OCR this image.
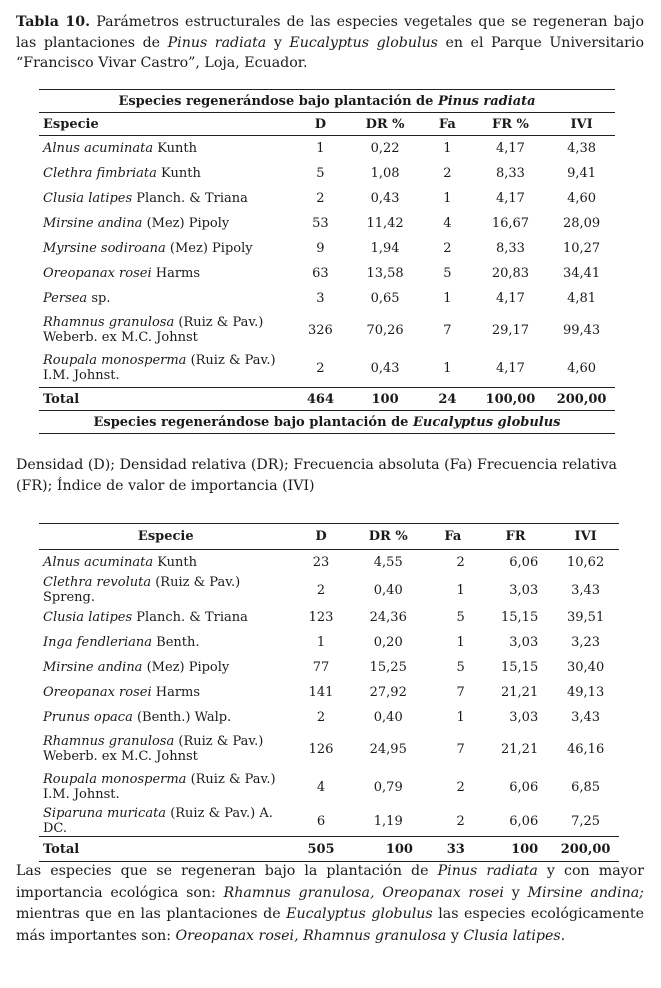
Tabla 10. Parámetros estructurales de las especies vegetales que se regeneran bajo las plantaciones de Pinus radiata y Eucalyptus globulus en el Parque Universitario “Francisco Vivar Castro”, Loja, Ecuador.
Especies regenerándose bajo plantación de Pinus radiata					
Especie	D	DR %	Fa	FR %	IVI
Alnus acuminata Kunth	1	0,22	1	4,17	4,38
Clethra fimbriata Kunth	5	1,08	2	8,33	9,41
Clusia latipes Planch. & Triana	2	0,43	1	4,17	4,60
Mirsine andina (Mez) Pipoly	53	11,42	4	16,67	28,09
Myrsine sodiroana (Mez) Pipoly	9	1,94	2	8,33	10,27
Oreopanax rosei Harms	63	13,58	5	20,83	34,41
Persea sp.	3	0,65	1	4,17	4,81
Rhamnus granulosa (Ruiz & Pav.) Weberb. ex M.C. Johnst	326	70,26	7	29,17	99,43
Roupala monosperma (Ruiz & Pav.) I.M. Johnst.	2	0,43	1	4,17	4,60
Total	464	100	24	100,00	200,00
Especies regenerándose bajo plantación de Eucalyptus globulus					
Densidad (D); Densidad relativa (DR); Frecuencia absoluta (Fa) Frecuencia relativa (FR); Índice de valor de importancia (IVI)
Especie	D	DR %	Fa	FR	IVI
Alnus acuminata Kunth	23	4,55	2	6,06	10,62
Clethra revoluta (Ruiz & Pav.) Spreng.	2	0,40	1	3,03	3,43
Clusia latipes Planch. & Triana	123	24,36	5	15,15	39,51
Inga fendleriana Benth.	1	0,20	1	3,03	3,23
Mirsine andina (Mez) Pipoly	77	15,25	5	15,15	30,40
Oreopanax rosei Harms	141	27,92	7	21,21	49,13
Prunus opaca (Benth.) Walp.	2	0,40	1	3,03	3,43
Rhamnus granulosa (Ruiz & Pav.) Weberb. ex M.C. Johnst	126	24,95	7	21,21	46,16
Roupala monosperma (Ruiz & Pav.) I.M. Johnst.	4	0,79	2	6,06	6,85
Siparuna muricata (Ruiz & Pav.) A. DC.	6	1,19	2	6,06	7,25
Total	505	100	33	100	200,00
Las especies que se regeneran bajo la plantación de Pinus radiata y con mayor importancia ecológica son: Rhamnus granulosa, Oreopanax rosei y Mirsine andina; mientras que en las plantaciones de Eucalyptus globulus las especies ecológicamente más importantes son: Oreopanax rosei, Rhamnus granulosa y Clusia latipes.
